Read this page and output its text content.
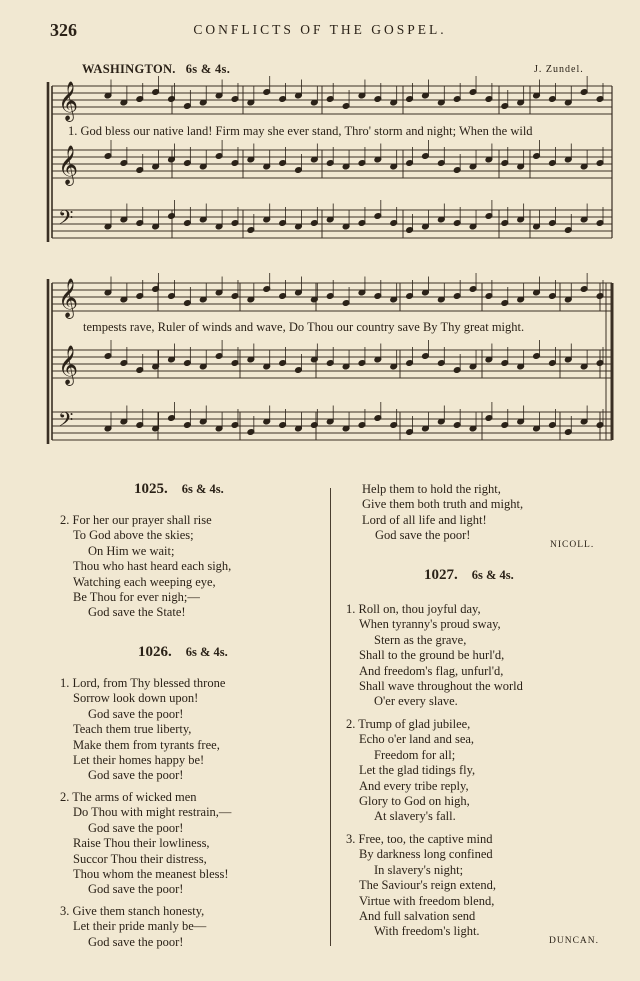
326	CONFLICTS OF THE GOSPEL.
WASHINGTON. 6s & 4s.	J. Zundel.
𝄞
𝄞
𝄢
𝄞
𝄞
𝄢
1. God bless our native land! Firm may she ever stand, Thro' storm and night; When the wild
tempests rave, Ruler of winds and wave, Do Thou our country save By Thy great might.
1025. 6s & 4s.
2. For her our prayer shall rise
To God above the skies;
On Him we wait;
Thou who hast heard each sigh,
Watching each weeping eye,
Be Thou for ever nigh;—
God save the State!
1026. 6s & 4s.
1. Lord, from Thy blessed throne
Sorrow look down upon!
God save the poor!
Teach them true liberty,
Make them from tyrants free,
Let their homes happy be!
God save the poor!
2. The arms of wicked men
Do Thou with might restrain,—
God save the poor!
Raise Thou their lowliness,
Succor Thou their distress,
Thou whom the meanest bless!
God save the poor!
3. Give them stanch honesty,
Let their pride manly be—
God save the poor!
Help them to hold the right,
Give them both truth and might,
Lord of all life and light!
God save the poor!
NICOLL.
1027. 6s & 4s.
1. Roll on, thou joyful day,
When tyranny's proud sway,
Stern as the grave,
Shall to the ground be hurl'd,
And freedom's flag, unfurl'd,
Shall wave throughout the world
O'er every slave.
2. Trump of glad jubilee,
Echo o'er land and sea,
Freedom for all;
Let the glad tidings fly,
And every tribe reply,
Glory to God on high,
At slavery's fall.
3. Free, too, the captive mind
By darkness long confined
In slavery's night;
The Saviour's reign extend,
Virtue with freedom blend,
And full salvation send
With freedom's light.
DUNCAN.
